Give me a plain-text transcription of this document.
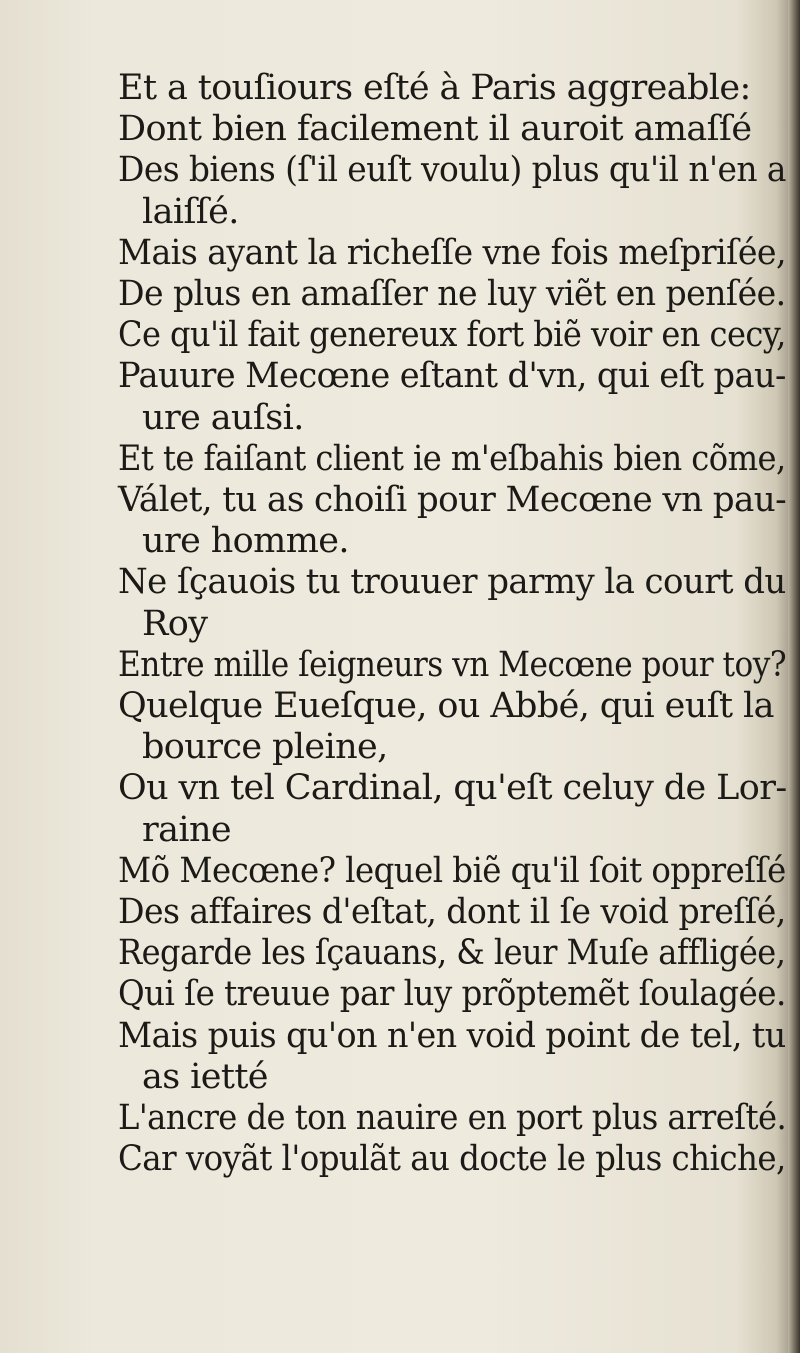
Et a touſiours eſté à Paris aggreable:
Dont bien facilement il auroit amaſſé
Des biens (ſ'il euſt voulu) plus qu'il n'en a
laiſſé.
Mais ayant la richeſſe vne fois meſpriſée,
De plus en amaſſer ne luy viẽt en penſée.
Ce qu'il fait genereux fort biẽ voir en cecy,
Pauure Mecœne eſtant d'vn, qui eſt pau-
ure auſsi.
Et te faiſant client ie m'eſbahis bien cõme,
Válet, tu as choiſi pour Mecœne vn pau-
ure homme.
Ne ſçauois tu trouuer parmy la court du
Roy
Entre mille ſeigneurs vn Mecœne pour toy?
Quelque Eueſque, ou Abbé, qui euſt la
bource pleine,
Ou vn tel Cardinal, qu'eſt celuy de Lor-
raine
Mõ Mecœne? lequel biẽ qu'il ſoit oppreſſé
Des affaires d'eſtat, dont il ſe void preſſé,
Regarde les ſçauans, & leur Muſe affligée,
Qui ſe treuue par luy prõptemẽt ſoulagée.
Mais puis qu'on n'en void point de tel, tu
as ietté
L'ancre de ton nauire en port plus arreſté.
Car voyãt l'opulãt au docte le plus chiche,
